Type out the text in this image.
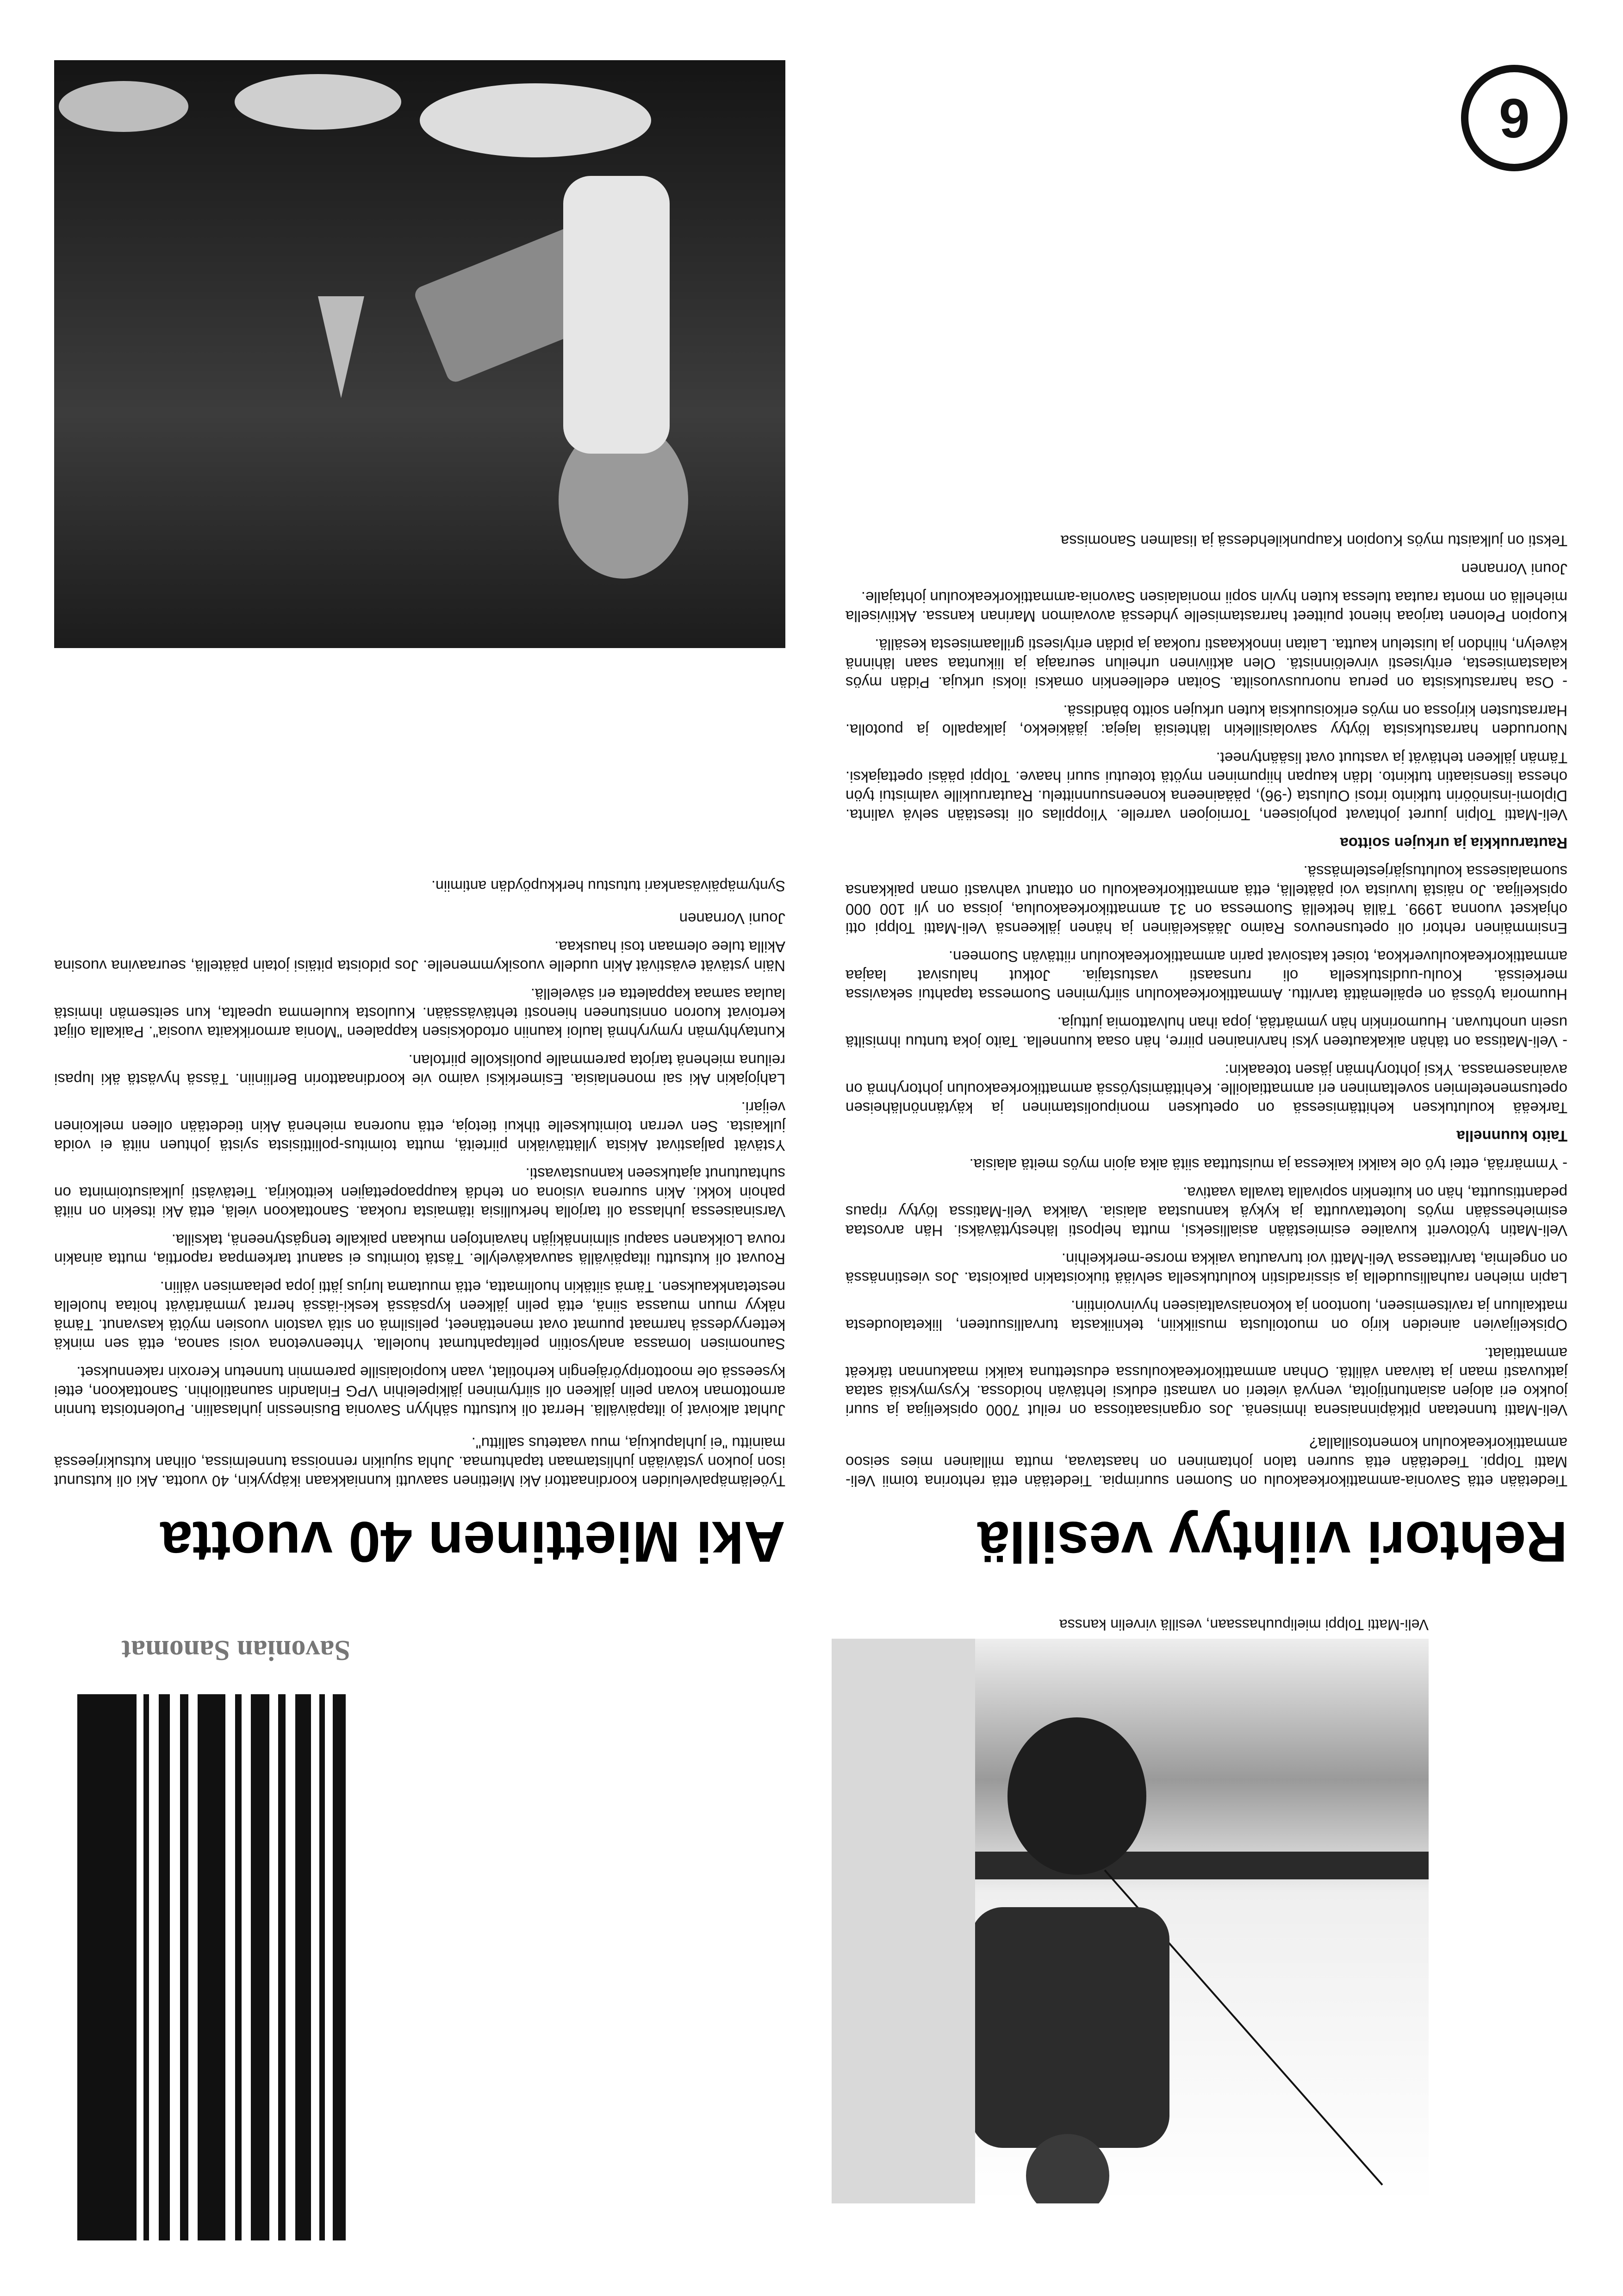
6
Rehtori viihtyy vesillä
Tiedetään että Savonia-ammattikorkeakoulu on Suomen suurimpia. Tiedetään että rehtorina toimii Veli-Matti Tolppi. Tiedetään että suuren talon johtaminen on haastavaa, mutta millainen mies seisoo ammattikorkeakoulun komentosillalla?

Veli-Matti tunnetaan pitkäpinnaisena ihmisenä. Jos organisaatiossa on reilut 7000 opiskelijaa ja suuri joukko eri alojen asiantuntijoita, venyvä vieteri on vamasti eduksi lehtävän hoidossa. Kysymyksiä sataa jatkuvasti maan ja taivaan väliltä. Onhan ammattikorkeakoulussa edustettuna kaikki maakunnan tärkeät ammattialat.

Opiskelijavien aineiden kirjo on muotoilusta musiikkiin, tekniikasta turvallisuuteen, liiketaloudesta matkailuun ja ravitsemiseen, luontoon ja kokonaisvaltaiseen hyvinvointiin.

Lapin miehen rauhallisuudella ja sissiradistin koulutuksella selviää tiukoistakin paikoista. Jos viestinnässä on ongelmia, tarvittaessa Veli-Matti voi turvautua vaikka morse-merkkeihin.

Veli-Matin työtoverit kuvailee esimiestään asialliseksi, mutta helposti lähestyttäväksi. Hän arvostaa esimiehessään myös luotettavuutta ja kykyä kannustaa alaisia. Vaikka Veli-Matissa löytyy ripaus pedanttisuutta, hän on kuitenkin sopivalla tavalla vaativa.

- Ymmärrää, ettei työ ole kaikki kaikessa ja muistuttaa siitä aika ajoin myös meitä alaisia.

Taito kuunnella

Tarkeää koulutuksen kehittämisessä on opetuksen monipuolistaminen ja käytännönläheisen opetusmenetelmien soveltaminen eri ammattialoille. Kehittämistyössä ammattikorkeakoulun johtoryhmä on avainasemassa. Yksi johtoryhmän jäsen toteaakin:

- Veli-Matissa on tähän aikakauteen yksi harvinainen piirre, hän osaa kuunnella. Taito joka tuntuu ihmisiltä usein unohtuvan. Huumorinkin hän ymmärtää, jopa ihan hulvattomia juttuja.

Huumoria työssä on epäilemättä tarvittu. Ammattikorkeakoulun siirtyminen Suomessa tapahtui sekavissa merkeissä. Koulu-uudistuksella oli runsaasti vastustajia. Jotkut halusivat laajaa ammattikorkeakouluverkkoa, toiset katsoivat parin ammattikorkeakoulun riittävän Suomeen.

Ensimmäinen rehtori oli opetusneuvos Raimo Jääskeläinen ja hänen jälkeensä Veli-Matti Tolppi otti ohjakset vuonna 1999. Tällä hetkellä Suomessa on 31 ammattikorkeakoulua, joissa on yli 100 000 opiskelijaa. Jo näistä luvuista voi päätellä, että ammattikorkeakoulu on ottanut vahvasti oman paikkansa suomalaisessa koulutusjärjestelmässä.

Rautaruukkia ja urkujen soittoa

Veli-Matti Tolpin juuret johtavat pohjoiseen, Torniojoen varrelle. Ylioppilas oli itsestään selvä valinta. Diplomi-insinöörin tutkinto irtosi Oulusta (-96), pääaineena koneensuunnittelu. Rautaruukille valmistui työn ohessa lisensiaatin tutkinto. Idän kaupan hiipuminen myötä toteutui suuri haave. Tolppi pääsi opettajaksi. Tämän jälkeen tehtävät ja vastuut ovat lisääntyneet.

Nuoruuden harrastuksista löytyy savolaisillekin lähteisiä lajeja: jääkiekko, jalkapallo ja puotolla. Harrastusten kirjossa on myös erikoisuuksia kuten urkujen soitto bändissä.

- Osa harrastuksista on perua nuoruusvuosilta. Soitan edelleenkin omaksi iloksi urkuja. Pidän myös kalastamisesta, erityisesti virvelöinnistä. Olen aktiivinen urheilun seuraaja ja liikuntaa saan lähinnä kävelyn, hiihdon ja luistelun kautta. Laitan innokkaasti ruokaa ja pidän erityisesti grillaamisesta kesällä.

Kuopion Pelonen tarjoaa hienot puitteet harrastamiselle yhdessä avovaimon Marinan kanssa. Aktiivisella miehellä on monta rautaa tulessa kuten hyvin sopii monialaisen Savonia-ammattikorkeakoulun johtajalle.

Jouni Vornanen

Teksti on julkaistu myös Kuopion Kaupunkilehdessä ja Iisalmen Sanomissa

Veli-Matti Tolppi mielipuuhassaan, vesillä virvelin kanssa
Aki Miettinen 40 vuotta
Työelämäpalveluiden koordinaattori Aki Miettinen saavutti kunniakkaan ikäpyykin, 40 vuotta. Aki oli kutsunut ison joukon ystäviään juhlistamaan tapahtumaa. Juhla sujuikin rennoissa tunnelmissa, olihan kutsukirjeessä mainittu "ei juhlapukuja, muu vaatetus sallittu".

Juhlat alkoivat jo iltapäivällä. Herrat oli kutsuttu sählyyn Savonia Businessin juhlasaliin. Puolentoista tunnin armottoman kovan pelin jälkeen oli siirtyminen jälkipeleihin VPG Finlandin saunatiloihin. Sanottakoon, ettei kyseessä ole moottoripyöräjengin kerhotilat, vaan kuopiolaisille paremmin tunnetun Keroxin rakennukset.

Saunomisen lomassa analysoitiin pelitapahtumat huolella. Yhteenvetona voisi sanoa, että sen minkä ketteryydessä harmaat puumat ovat menettäneet, pelisilmä on sitä vastoin vuosien myötä kasvanut. Tämä näkyy muun muassa siinä, että pelin jälkeen kypsässä keski-iässä herrat ymmärtävät hoitaa huolella nestetankkauksen. Tämä siitäkin huolimatta, että muutama lurjus jätti jopa pelaamisen väliin.

Rouvat oli kutsuttu iltapäivällä sauvakävelylle. Tästä toimitus ei saanut tarkempaa raporttia, mutta ainakin rouva Loikkanen saapui silminnäkijän havaintojen mukaan paikalle tengästyneenä, taksilla.

Varsinaisessa juhlassa oli tarjolla herkullisia itämaista ruokaa. Sanottakoon vielä, että Aki itsekin on niitä pahoin kokki. Akin suurena visiona on tehdä kauppaopettajien keittokirja. Tietävästi julkaisutoiminta on suhtautunut ajatukseen kannustavasti.

Ystävät paljastivat Akista yllättäviäkin piirteitä, mutta toimitus-poliittisista syistä johtuen niitä ei voida julkaista. Sen verran toimitukselle tihkui tietoja, että nuorena miehenä Akin tiedetään olleen melkoinen veijari.

Lahjojakin Aki sai monenlaisia. Esimerkiksi vaimo vie koordinaattorin Berliiniin. Tässä hyvästä äki lupasi reiluna miehenä tarjota paremmalle puoliskolle piirtolan.

Kuntayhtymän rymyryhmä lauloi kauniin ortodoksisen kappaleen "Monia armorikkaita vuosia". Paikalla olijat kertoivat kuoron onnistuneen hienosti tehtävässään. Kuulosta kuulemma upealta, kun seitsemän ihmistä laulaa samaa kappaletta eri sävelellä.

Näin ystävät evästivät Akin uudelle vuosikymmenelle. Jos pidoista pitäisi jotain päätellä, seuraavina vuosina Akilla tulee olemaan tosi hauskaa.

Jouni Vornanen

Syntymäpäiväsankari tutustuu herkkupöydän antimiin.
Savonian Sanomat
